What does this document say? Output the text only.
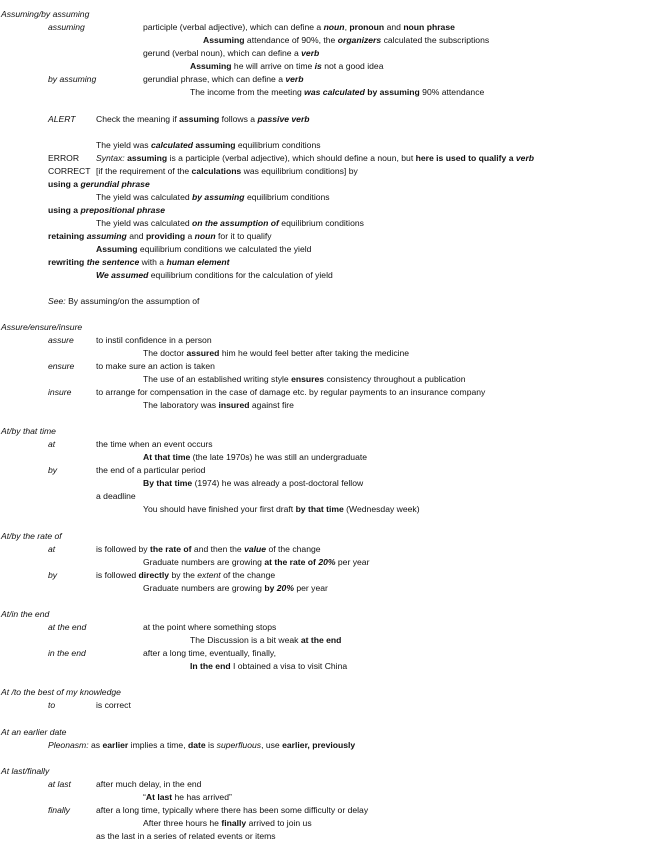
Assuming/by assuming
assuming	participle (verbal adjective), which can define a noun, pronoun and noun phrase
Assuming attendance of 90%, the organizers calculated the subscriptions
gerund (verbal noun), which can define a verb
Assuming he will arrive on time is not a good idea
by assuming	gerundial phrase, which can define a verb
The income from the meeting was calculated by assuming 90% attendance
ALERT Check the meaning if assuming follows a passive verb
The yield was calculated assuming equilibrium conditions
ERROR Syntax: assuming is a participle (verbal adjective), which should define a noun, but here is used to qualify a verb
CORRECT [if the requirement of the calculations was equilibrium conditions] by
using a gerundial phrase
The yield was calculated by assuming equilibrium conditions
using a prepositional phrase
The yield was calculated on the assumption of equilibrium conditions
retaining assuming and providing a noun for it to qualify
Assuming equilibrium conditions we calculated the yield
rewriting the sentence with a human element
We assumed equilibrium conditions for the calculation of yield
See: By assuming/on the assumption of
Assure/ensure/insure
assure	to instil confidence in a person
The doctor assured him he would feel better after taking the medicine
ensure	to make sure an action is taken
The use of an established writing style ensures consistency throughout a publication
insure	to arrange for compensation in the case of damage etc. by regular payments to an insurance company
The laboratory was insured against fire
At/by that time
at	the time when an event occurs
At that time (the late 1970s) he was still an undergraduate
by	the end of a particular period
By that time (1974) he was already a post-doctoral fellow
a deadline
You should have finished your first draft by that time (Wednesday week)
At/by the rate of
at	is followed by the rate of and then the value of the change
Graduate numbers are growing at the rate of 20% per year
by	is followed directly by the extent of the change
Graduate numbers are growing by 20% per year
At/in the end
at the end	at the point where something stops
The Discussion is a bit weak at the end
in the end	after a long time, eventually, finally,
In the end I obtained a visa to visit China
At /to the best of my knowledge
to	is correct
At an earlier date
Pleonasm: as earlier implies a time, date is superfluous, use earlier, previously
At last/finally
at last	after much delay, in the end
“At last he has arrived”
finally	after a long time, typically where there has been some difficulty or delay
After three hours he finally arrived to join us
as the last in a series of related events or items
